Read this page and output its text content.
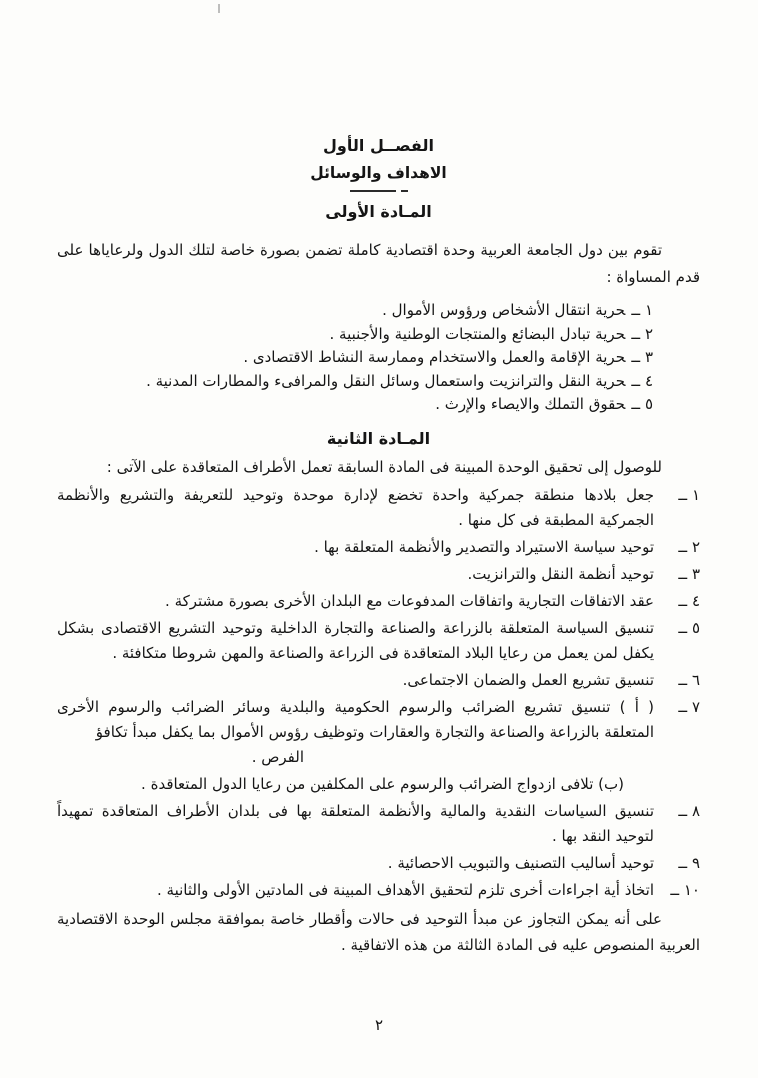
الفصــل الأول
الاهداف والوسائل
المـادة الأولى

تقوم بين دول الجامعة العربية وحدة اقتصادية كاملة تضمن بصورة خاصة لتلك الدول ولرعاياها على قدم المساواة :

١ ــحرية انتقال الأشخاص ورؤوس الأموال .
٢ ــحرية تبادل البضائع والمنتجات الوطنية والأجنبية .
٣ ــحرية الإقامة والعمل والاستخدام وممارسة النشاط الاقتصادى .
٤ ــحرية النقل والترانزيت واستعمال وسائل النقل والمرافىء والمطارات المدنية .
٥ ــحقوق التملك والايصاء والإرث .
المـادة الثانية

للوصول إلى تحقيق الوحدة المبينة فى المادة السابقة تعمل الأطراف المتعاقدة على الآتى :

١ ــ
جعل بلادها منطقة جمركية واحدة تخضع لإدارة موحدة وتوحيد للتعريفة والتشريع والأنظمة الجمركية المطبقة فى كل منها .
٢ ــ
توحيد سياسة الاستيراد والتصدير والأنظمة المتعلقة بها .
٣ ــ
توحيد أنظمة النقل والترانزيت.
٤ ــ
عقد الاتفاقات التجارية واتفاقات المدفوعات مع البلدان الأخرى بصورة مشتركة .
٥ ــ
تنسيق السياسة المتعلقة بالزراعة والصناعة والتجارة الداخلية وتوحيد التشريع الاقتصادى بشكل يكفل لمن يعمل من رعايا البلاد المتعاقدة فى الزراعة والصناعة والمهن شروطا متكافئة .
٦ ــ
تنسيق تشريع العمل والضمان الاجتماعى.
٧ ــ
( أ ) تنسيق تشريع الضرائب والرسوم الحكومية والبلدية وسائر الضرائب والرسوم الأخرى المتعلقة بالزراعة والصناعة والتجارة والعقارات وتوظيف رؤوس الأموال بما يكفل مبدأ تكافؤ
الفرص .
(ب) تلافى ازدواج الضرائب والرسوم على المكلفين من رعايا الدول المتعاقدة .
٨ ــ
تنسيق السياسات النقدية والمالية والأنظمة المتعلقة بها فى بلدان الأطراف المتعاقدة تمهيداً لتوحيد النقد بها .
٩ ــ
توحيد أساليب التصنيف والتبويب الاحصائية .
١٠ ــ
اتخاذ أية اجراءات أخرى تلزم لتحقيق الأهداف المبينة فى المادتين الأولى والثانية .

على أنه يمكن التجاوز عن مبدأ التوحيد فى حالات وأقطار خاصة بموافقة مجلس الوحدة الاقتصادية العربية المنصوص عليه فى المادة الثالثة من هذه الاتفاقية .

٢
